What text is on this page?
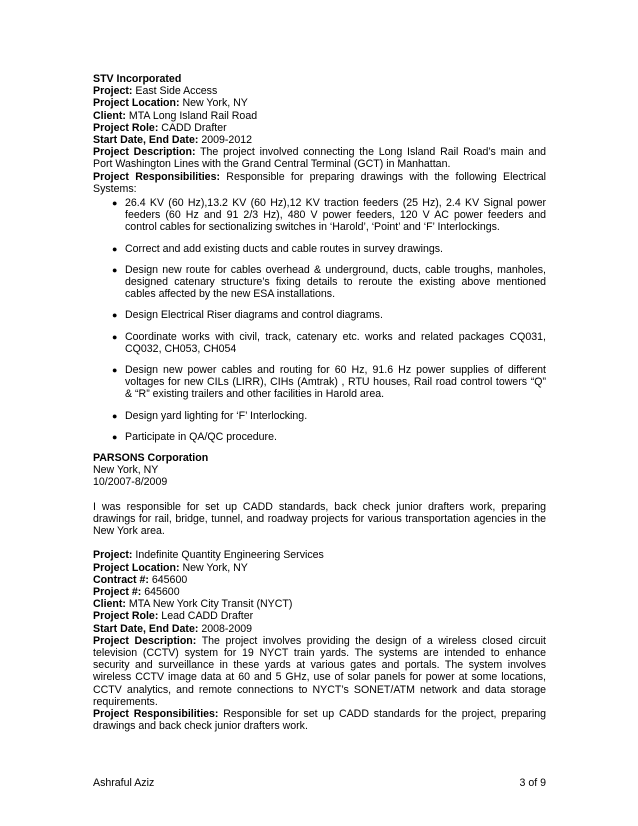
STV Incorporated

Project: East Side Access

Project Location: New York, NY

Client: MTA Long Island Rail Road

Project Role: CADD Drafter

Start Date, End Date: 2009-2012

Project Description: The project involved connecting the Long Island Rail Road’s main and Port Washington Lines with the Grand Central Terminal (GCT) in Manhattan.

Project Responsibilities: Responsible for preparing drawings with the following Electrical Systems:

● 26.4 KV (60 Hz),13.2 KV (60 Hz),12 KV traction feeders (25 Hz), 2.4 KV Signal power feeders (60 Hz and 91 2/3 Hz), 480 V power feeders, 120 V AC power feeders and control cables for sectionalizing switches in ‘Harold’, ‘Point’ and ‘F’ Interlockings.
● Correct and add existing ducts and cable routes in survey drawings.
● Design new route for cables overhead & underground, ducts, cable troughs, manholes, designed catenary structure’s fixing details to reroute the existing above mentioned cables affected by the new ESA installations.
● Design Electrical Riser diagrams and control diagrams.
● Coordinate works with civil, track, catenary etc. works and related packages CQ031, CQ032, CH053, CH054
● Design new power cables and routing for 60 Hz, 91.6 Hz power supplies of different voltages for new CILs (LIRR), CIHs (Amtrak) , RTU houses, Rail road control towers “Q” & “R” existing trailers and other facilities in Harold area.
● Design yard lighting for ‘F’ Interlocking.
● Participate in QA/QC procedure.

PARSONS Corporation

New York, NY

10/2007-8/2009

I was responsible for set up CADD standards, back check junior drafters work, preparing drawings for rail, bridge, tunnel, and roadway projects for various transportation agencies in the New York area.

Project: Indefinite Quantity Engineering Services

Project Location: New York, NY

Contract #: 645600

Project #: 645600

Client: MTA New York City Transit (NYCT)

Project Role: Lead CADD Drafter

Start Date, End Date: 2008-2009

Project Description: The project involves providing the design of a wireless closed circuit television (CCTV) system for 19 NYCT train yards. The systems are intended to enhance security and surveillance in these yards at various gates and portals. The system involves wireless CCTV image data at 60 and 5 GHz, use of solar panels for power at some locations, CCTV analytics, and remote connections to NYCT’s SONET/ATM network and data storage requirements.

Project Responsibilities: Responsible for set up CADD standards for the project, preparing drawings and back check junior drafters work.

Ashraful Aziz	3 of 9
